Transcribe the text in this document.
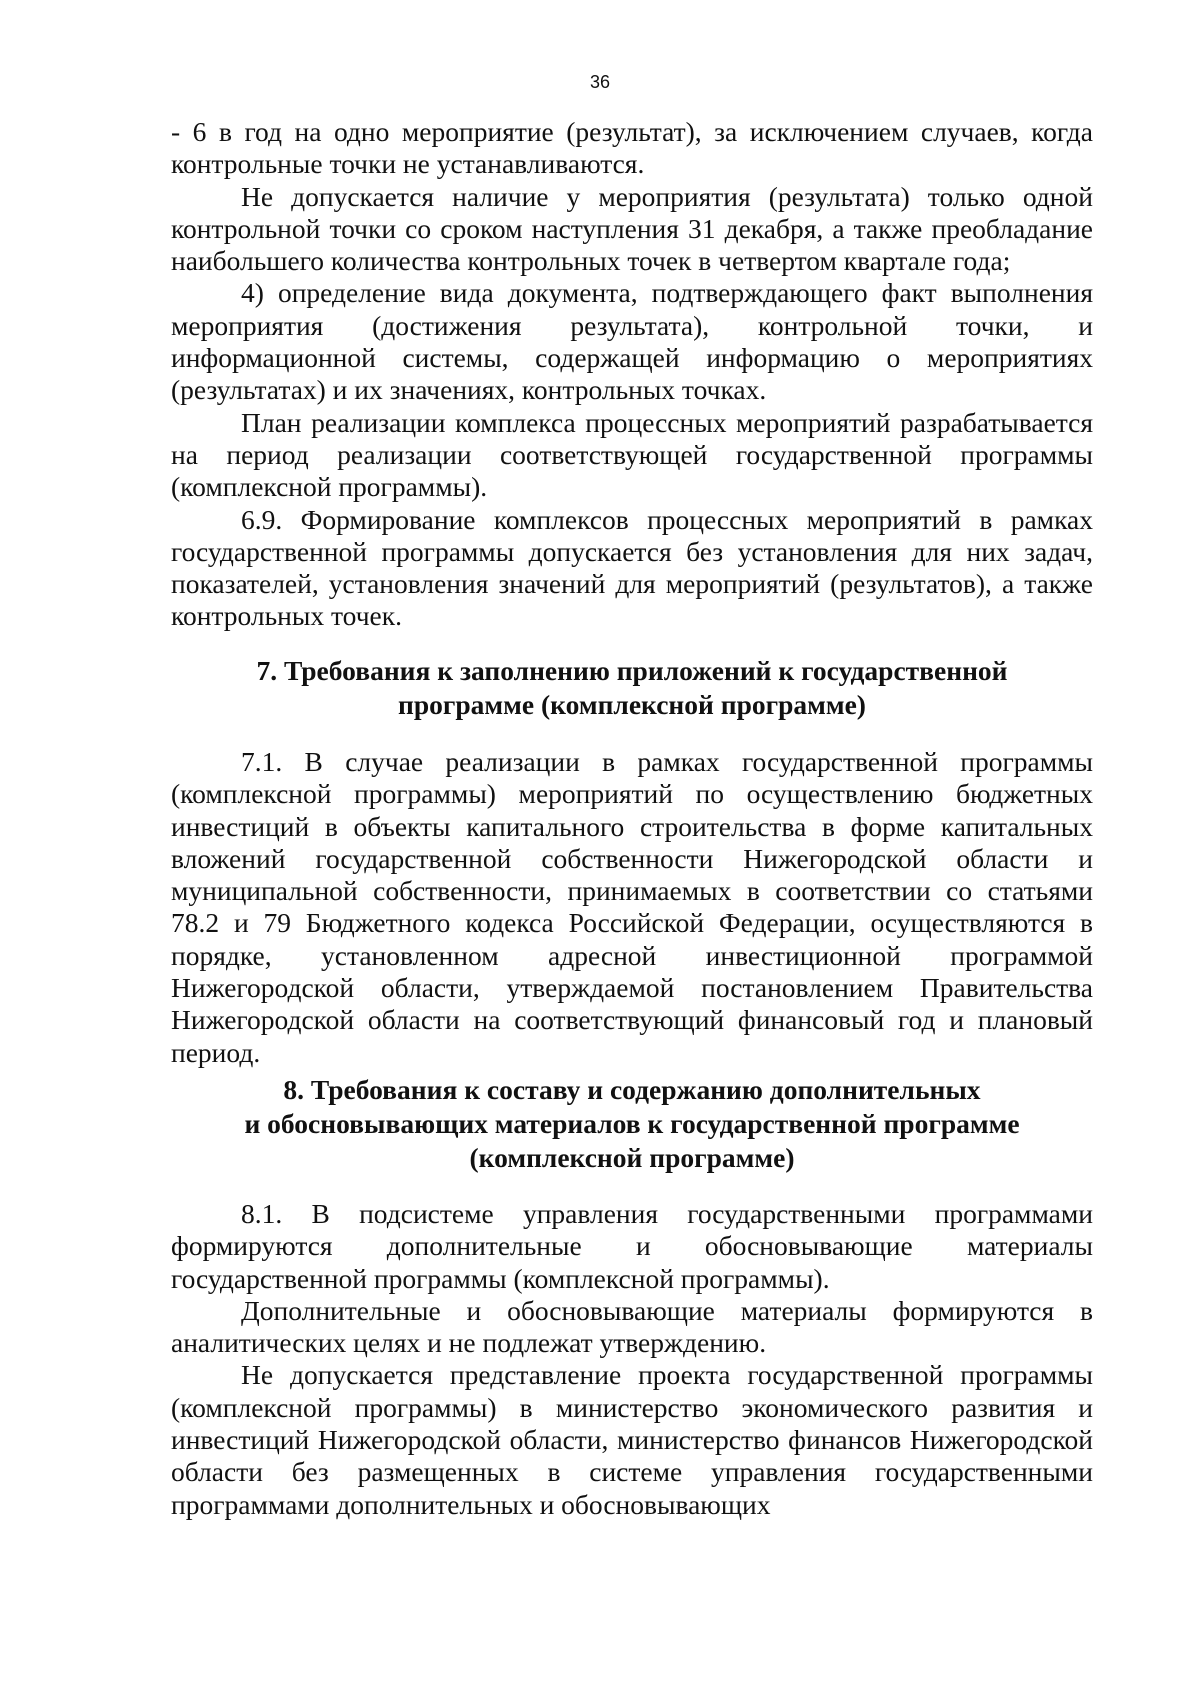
36

- 6 в год на одно мероприятие (результат), за исключением случаев, когда контрольные точки не устанавливаются.

Не допускается наличие у мероприятия (результата) только одной контрольной точки со сроком наступления 31 декабря, а также преобладание наибольшего количества контрольных точек в четвертом квартале года;

4) определение вида документа, подтверждающего факт выполнения мероприятия (достижения результата), контрольной точки, и информационной системы, содержащей информацию о мероприятиях (результатах) и их значениях, контрольных точках.

План реализации комплекса процессных мероприятий разрабатывается на период реализации соответствующей государственной программы (комплексной программы).

6.9. Формирование комплексов процессных мероприятий в рамках государственной программы допускается без установления для них задач, показателей, установления значений для мероприятий (результатов), а также контрольных точек.

7. Требования к заполнению приложений к государственной
программе (комплексной программе)

7.1. В случае реализации в рамках государственной программы (комплексной программы) мероприятий по осуществлению бюджетных инвестиций в объекты капитального строительства в форме капитальных вложений государственной собственности Нижегородской области и муниципальной собственности, принимаемых в соответствии со статьями 78.2 и 79 Бюджетного кодекса Российской Федерации, осуществляются в порядке, установленном адресной инвестиционной программой Нижегородской области, утверждаемой постановлением Правительства Нижегородской области на соответствующий финансовый год и плановый период.

8. Требования к составу и содержанию дополнительных
и обосновывающих материалов к государственной программе
(комплексной программе)

8.1. В подсистеме управления государственными программами формируются дополнительные и обосновывающие материалы государственной программы (комплексной программы).

Дополнительные и обосновывающие материалы формируются в аналитических целях и не подлежат утверждению.

Не допускается представление проекта государственной программы (комплексной программы) в министерство экономического развития и инвестиций Нижегородской области, министерство финансов Нижегородской области без размещенных в системе управления государственными программами дополнительных и обосновывающих
